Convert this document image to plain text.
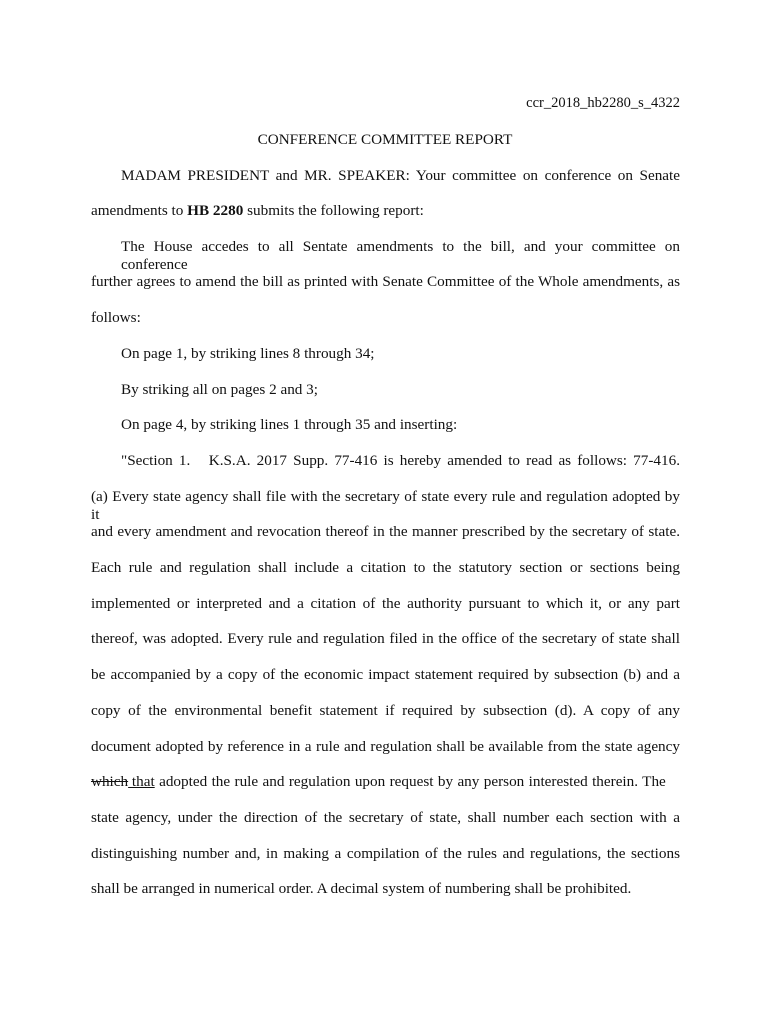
ccr_2018_hb2280_s_4322
CONFERENCE COMMITTEE REPORT
MADAM PRESIDENT and MR. SPEAKER: Your committee on conference on Senate
amendments to HB 2280 submits the following report:
The House accedes to all Sentate amendments to the bill, and your committee on conference
further agrees to amend the bill as printed with Senate Committee of the Whole amendments, as
follows:
On page 1, by striking lines 8 through 34;
By striking all on pages 2 and 3;
On page 4, by striking lines 1 through 35 and inserting:
"Section 1.   K.S.A. 2017 Supp. 77-416 is hereby amended to read as follows: 77-416.
(a) Every state agency shall file with the secretary of state every rule and regulation adopted by it
and every amendment and revocation thereof in the manner prescribed by the secretary of state.
Each rule and regulation shall include a citation to the statutory section or sections being
implemented or interpreted and a citation of the authority pursuant to which it, or any part
thereof, was adopted. Every rule and regulation filed in the office of the secretary of state shall
be accompanied by a copy of the economic impact statement required by subsection (b) and a
copy of the environmental benefit statement if required by subsection (d). A copy of any
document adopted by reference in a rule and regulation shall be available from the state agency
which that adopted the rule and regulation upon request by any person interested therein. The
state agency, under the direction of the secretary of state, shall number each section with a
distinguishing number and, in making a compilation of the rules and regulations, the sections
shall be arranged in numerical order. A decimal system of numbering shall be prohibited.
